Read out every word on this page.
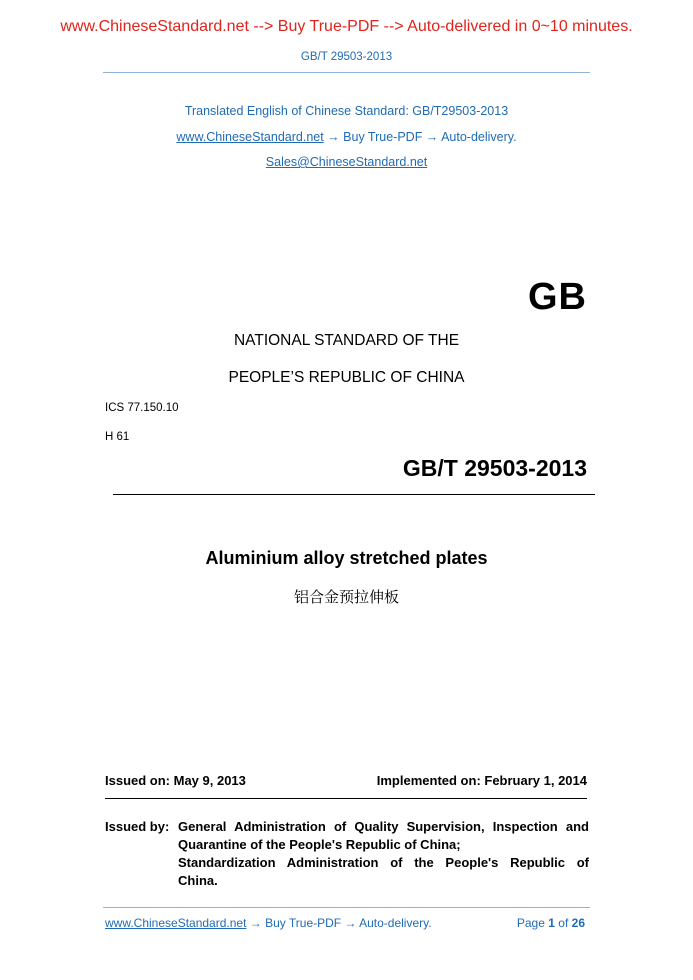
www.ChineseStandard.net --> Buy True-PDF --> Auto-delivered in 0~10 minutes.
GB/T 29503-2013
Translated English of Chinese Standard: GB/T29503-2013
www.ChineseStandard.net → Buy True-PDF → Auto-delivery.
Sales@ChineseStandard.net
GB
NATIONAL STANDARD OF THE
PEOPLE’S REPUBLIC OF CHINA
ICS 77.150.10
H 61
GB/T 29503-2013
Aluminium alloy stretched plates
铝合金预拉伸板
Issued on: May 9, 2013	Implemented on: February 1, 2014
Issued by: General Administration of Quality Supervision, Inspection and
Quarantine of the People's Republic of China;
Standardization Administration of the People's Republic of
China.
www.ChineseStandard.net → Buy True-PDF → Auto-delivery.	Page 1 of 26
